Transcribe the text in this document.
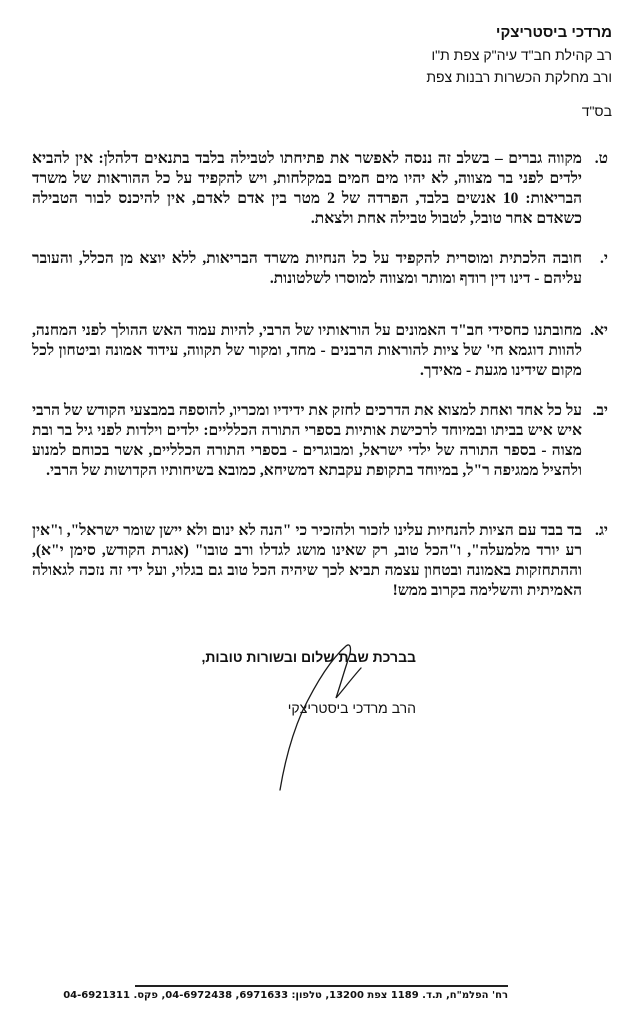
מרדכי ביסטריצקי
רב קהילת חב"ד עיה"ק צפת ת"ו
ורב מחלקת הכשרות רבנות צפת
בס"ד
ט.
מקווה גברים – בשלב זה ננסה לאפשר את פתיחתו לטבילה בלבד בתנאים דלהלן: אין להביא ילדים לפני בר מצווה, לא יהיו מים חמים במקלחות, ויש להקפיד על כל ההוראות של משרד הבריאות: 10 אנשים בלבד, הפרדה של 2 מטר בין אדם לאדם, אין להיכנס לבור הטבילה כשאדם אחר טובל, לטבול טבילה אחת ולצאת.
י.
חובה הלכתית ומוסרית להקפיד על כל הנחיות משרד הבריאות, ללא יוצא מן הכלל, והעובר עליהם - דינו דין רודף ומותר ומצווה למוסרו לשלטונות.
יא.
מחובתנו כחסידי חב"ד האמונים על הוראותיו של הרבי, להיות עמוד האש ההולך לפני המחנה, להוות דוגמא חי' של ציות להוראות הרבנים - מחד, ומקור של תקווה, עידוד אמונה וביטחון לכל מקום שידינו מגעת - מאידך.
יב.
על כל אחד ואחת למצוא את הדרכים לחזק את ידידיו ומכריו, להוספה במבצעי הקודש של הרבי איש איש בביתו ובמיוחד לרכישת אותיות בספרי התורה הכלליים: ילדים וילדות לפני גיל בר ובת מצוה - בספר התורה של ילדי ישראל, ומבוגרים - בספרי התורה הכלליים, אשר בכוחם למנוע ולהציל ממגיפה ר"ל, במיוחד בתקופת עקבתא דמשיחא, כמובא בשיחותיו הקדושות של הרבי.
יג.
בד בבד עם הציות להנחיות עלינו לזכור ולהזכיר כי "הנה לא ינום ולא יישן שומר ישראל", ו"אין רע יורד מלמעלה", ו"הכל טוב, רק שאינו מושג לגדלו ורב טובו" (אגרת הקודש, סימן י"א), וההתחזקות באמונה ובטחון עצמה תביא לכך שיהיה הכל טוב גם בגלוי, ועל ידי זה נזכה לגאולה האמיתית והשלימה בקרוב ממש!
בברכת שבת שלום ובשורות טובות,
הרב מרדכי ביסטריצקי
רח' הפלמ"ח, ת.ד. 1189 צפת 13200, טלפון: 6971633, 04-6972438, פקס. 04-6921311
